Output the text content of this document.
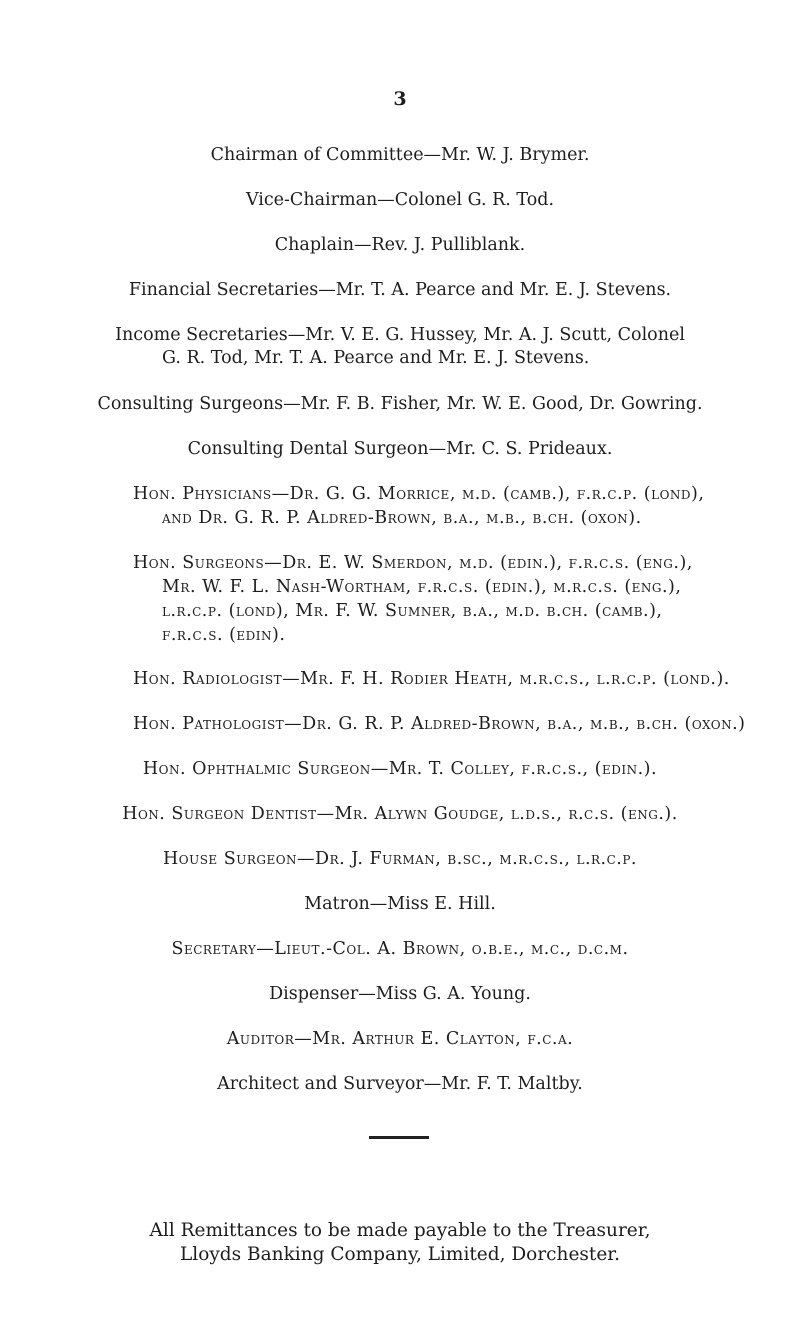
3
Chairman of Committee—Mr. W. J. Brymer.
Vice-Chairman—Colonel G. R. Tod.
Chaplain—Rev. J. Pulliblank.
Financial Secretaries—Mr. T. A. Pearce and Mr. E. J. Stevens.
Income Secretaries—Mr. V. E. G. Hussey, Mr. A. J. Scutt, Colonel
G. R. Tod, Mr. T. A. Pearce and Mr. E. J. Stevens.
Consulting Surgeons—Mr. F. B. Fisher, Mr. W. E. Good, Dr. Gowring.
Consulting Dental Surgeon—Mr. C. S. Prideaux.
Hon. Physicians—Dr. G. G. Morrice, m.d. (camb.), f.r.c.p. (lond),
and Dr. G. R. P. Aldred-Brown, b.a., m.b., b.ch. (oxon).
Hon. Surgeons—Dr. E. W. Smerdon, m.d. (edin.), f.r.c.s. (eng.),
Mr. W. F. L. Nash-Wortham, f.r.c.s. (edin.), m.r.c.s. (eng.),
l.r.c.p. (lond), Mr. F. W. Sumner, b.a., m.d. b.ch. (camb.),
f.r.c.s. (edin).
Hon. Radiologist—Mr. F. H. Rodier Heath, m.r.c.s., l.r.c.p. (lond.).
Hon. Pathologist—Dr. G. R. P. Aldred-Brown, b.a., m.b., b.ch. (oxon.)
Hon. Ophthalmic Surgeon—Mr. T. Colley, f.r.c.s., (edin.).
Hon. Surgeon Dentist—Mr. Alywn Goudge, l.d.s., r.c.s. (eng.).
House Surgeon—Dr. J. Furman, b.sc., m.r.c.s., l.r.c.p.
Matron—Miss E. Hill.
Secretary—Lieut.-Col. A. Brown, o.b.e., m.c., d.c.m.
Dispenser—Miss G. A. Young.
Auditor—Mr. Arthur E. Clayton, f.c.a.
Architect and Surveyor—Mr. F. T. Maltby.
All Remittances to be made payable to the Treasurer,
Lloyds Banking Company, Limited, Dorchester.
